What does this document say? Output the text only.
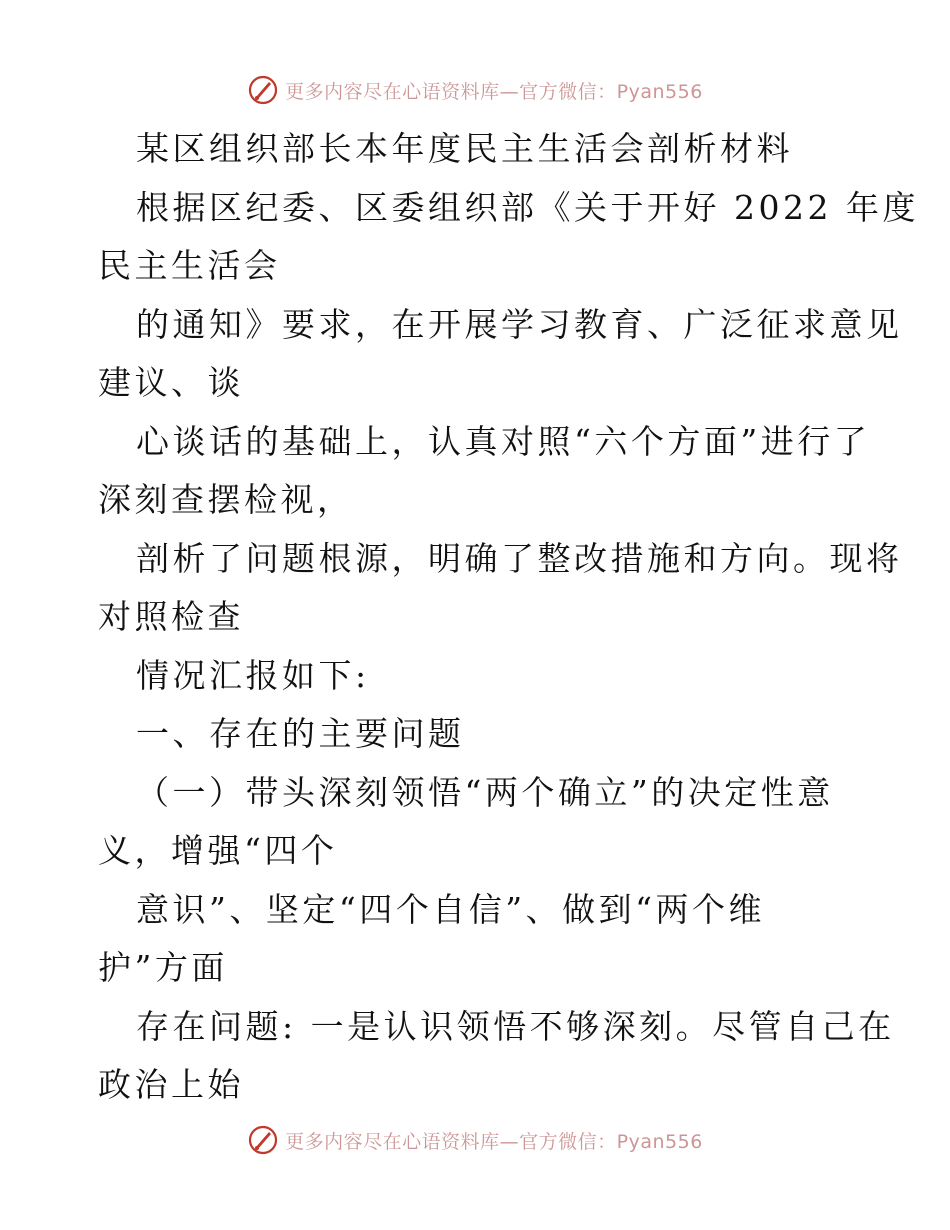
更多内容尽在心语资料库—官方微信：Pyan556
某区组织部长本年度民主生活会剖析材料
根据区纪委、区委组织部《关于开好 2022 年度
民主生活会
的通知》要求，在开展学习教育、广泛征求意见
建议、谈
心谈话的基础上，认真对照“六个方面”进行了
深刻查摆检视，
剖析了问题根源，明确了整改措施和方向。现将
对照检查
情况汇报如下:
一、存在的主要问题
（一）带头深刻领悟“两个确立”的决定性意
义，增强“四个
意识”、坚定“四个自信”、做到“两个维
护”方面
存在问题: 一是认识领悟不够深刻。尽管自己在
政治上始
更多内容尽在心语资料库—官方微信：Pyan556
